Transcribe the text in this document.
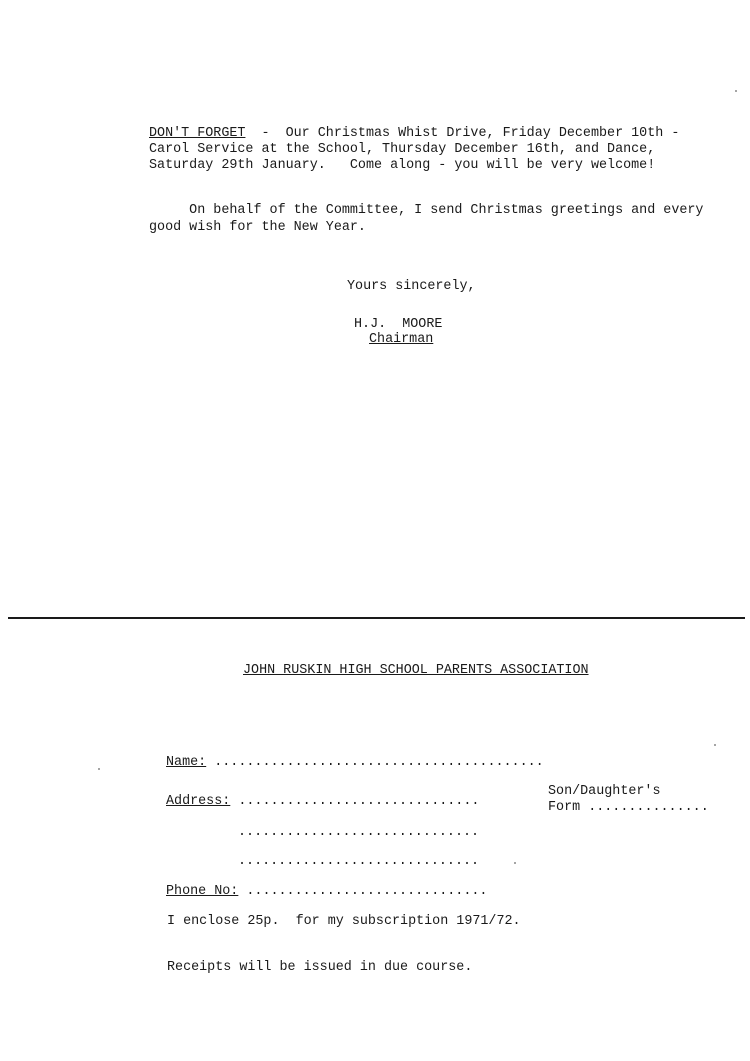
DON'T FORGET  -  Our Christmas Whist Drive, Friday December 10th -
Carol Service at the School, Thursday December 16th, and Dance,
Saturday 29th January.   Come along - you will be very welcome!
On behalf of the Committee, I send Christmas greetings and every
good wish for the New Year.
Yours sincerely,
H.J.  MOORE
Chairman
JOHN RUSKIN HIGH SCHOOL PARENTS ASSOCIATION
Name: .........................................
Address: ..............................
..............................
..............................
Son/Daughter's
Form ...............
Phone No: ..............................
I enclose 25p.  for my subscription 1971/72.
Receipts will be issued in due course.
